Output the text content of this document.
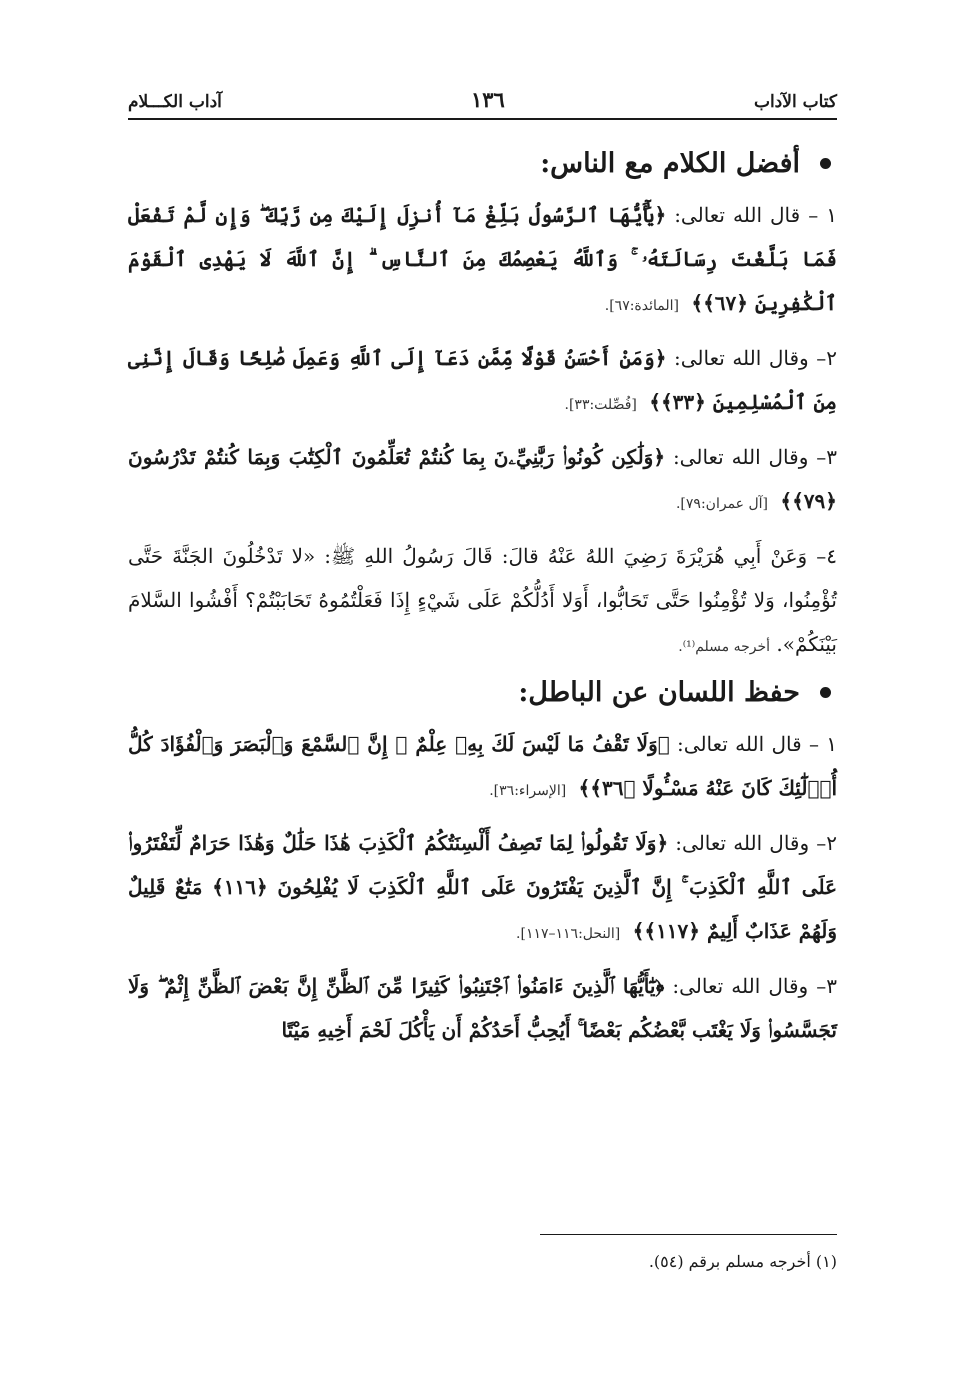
كتاب الآداب
١٣٦
آداب الكـــلام
أفضل الكلام مع الناس:
١ – قال الله تعالى: ﴿يَٰٓأَيُّهَا ٱلرَّسُولُ بَلِّغْ مَآ أُنزِلَ إِلَيْكَ مِن رَّبِّكَ ۖ وَإِن لَّمْ تَفْعَلْ فَمَا بَلَّغْتَ رِسَالَتَهُۥ ۚ وَٱللَّهُ يَعْصِمُكَ مِنَ ٱلنَّاسِ ۗ إِنَّ ٱللَّهَ لَا يَهْدِى ٱلْقَوْمَ ٱلْكَٰفِرِينَ ﴿٦٧﴾﴾ [المائدة:٦٧].
٢– وقال الله تعالى: ﴿وَمَنْ أَحْسَنُ قَوْلًا مِّمَّن دَعَآ إِلَى ٱللَّهِ وَعَمِلَ صَٰلِحًا وَقَالَ إِنَّنِى مِنَ ٱلْمُسْلِمِينَ ﴿٣٣﴾﴾ [فُصِّلت:٣٣].
٣– وقال الله تعالى: ﴿وَلَٰكِن كُونُوا۟ رَبَّٰنِيِّۦنَ بِمَا كُنتُمْ تُعَلِّمُونَ ٱلْكِتَٰبَ وَبِمَا كُنتُمْ تَدْرُسُونَ ﴿٧٩﴾﴾ [آل عمران:٧٩].
٤– وَعَنْ أَبِي هُرَيْرَةَ رَضِيَ اللهُ عَنْهُ قالَ: قَالَ رَسُولُ اللهِ ﷺ: «لا تَدْخُلُونَ الجَنَّةَ حَتَّى تُؤْمِنُوا، وَلا تُؤْمِنُوا حَتَّى تَحَابُّوا، أَوَلا أَدُلُّكُمْ عَلَى شَيْءٍ إِذَا فَعَلْتُمُوهُ تَحَابَبْتُمْ؟ أَفْشُوا السَّلامَ بَيْنَكُمْ». أخرجه مسلم⁽¹⁾.
حفظ اللسان عن الباطل:
١ – قال الله تعالى: ﴿وَلَا تَقْفُ مَا لَيْسَ لَكَ بِهِۦ عِلْمٌ ۚ إِنَّ ٱلسَّمْعَ وَٱلْبَصَرَ وَٱلْفُؤَادَ كُلُّ أُو۟لَٰٓئِكَ كَانَ عَنْهُ مَسْـُٔولًا ﴿٣٦﴾﴾ [الإسراء:٣٦].
٢– وقال الله تعالى: ﴿وَلَا تَقُولُوا۟ لِمَا تَصِفُ أَلْسِنَتُكُمُ ٱلْكَذِبَ هَٰذَا حَلَٰلٌ وَهَٰذَا حَرَامٌ لِّتَفْتَرُوا۟ عَلَى ٱللَّهِ ٱلْكَذِبَ ۚ إِنَّ ٱلَّذِينَ يَفْتَرُونَ عَلَى ٱللَّهِ ٱلْكَذِبَ لَا يُفْلِحُونَ ﴿١١٦﴾ مَتَٰعٌ قَلِيلٌ وَلَهُمْ عَذَابٌ أَلِيمٌ ﴿١١٧﴾﴾ [النحل:١١٦–١١٧].
٣– وقال الله تعالى: ﴿يَٰٓأَيُّهَا ٱلَّذِينَ ءَامَنُوا۟ ٱجْتَنِبُوا۟ كَثِيرًا مِّنَ ٱلظَّنِّ إِنَّ بَعْضَ ٱلظَّنِّ إِثْمٌ ۖ وَلَا تَجَسَّسُوا۟ وَلَا يَغْتَب بَّعْضُكُم بَعْضًا ۚ أَيُحِبُّ أَحَدُكُمْ أَن يَأْكُلَ لَحْمَ أَخِيهِ مَيْتًا
(١) أخرجه مسلم برقم (٥٤).
